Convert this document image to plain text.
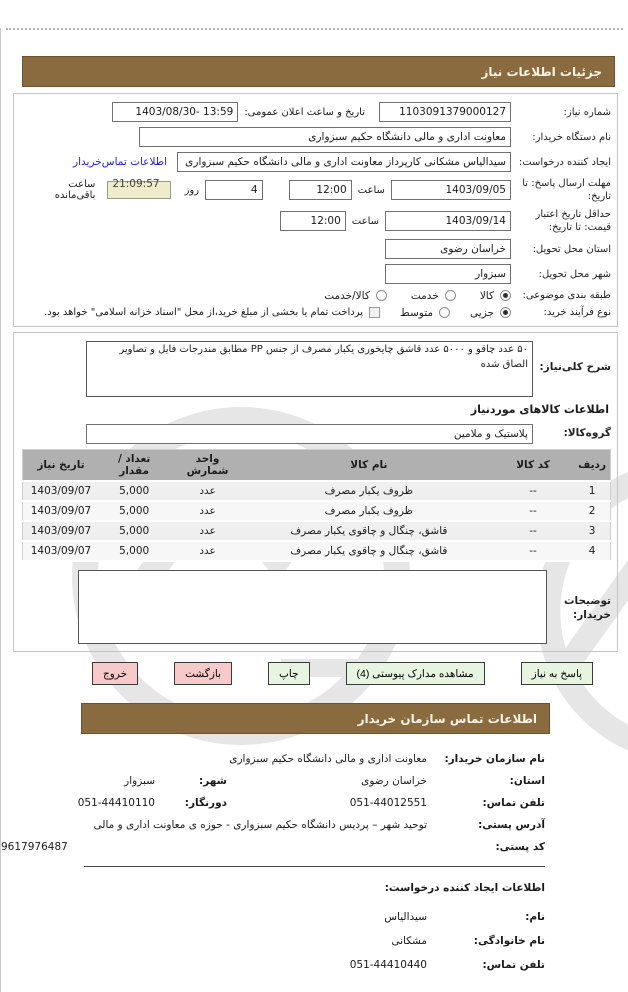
جزئیات اطلاعات نیاز
شماره نیاز:
1103091379000127
تاریخ و ساعت اعلان عمومی:
1403/08/30- 13:59
نام دستگاه خریدار:
معاونت اداری و مالی دانشگاه حکیم سبزواری
ایجاد کننده درخواست:
سیدالیاس مشکانی کارپرداز معاونت اداری و مالی دانشگاه حکیم سبزواری
اطلاعات تماس‌خریدار
مهلت ارسال پاسخ: تا تاریخ:
1403/09/05
ساعت
12:00
4
روز
21:09:57
ساعت باقی‌مانده
حداقل تاریخ اعتبار قیمت: تا تاریخ:
1403/09/14
ساعت
12:00
استان محل تحویل:
خراسان رضوی
شهر محل تحویل:
سبزوار
طبقه بندی موضوعی:
کالا
خدمت
کالا/خدمت
نوع فرآیند خرید:
جزیی
متوسط
پرداخت تمام یا بخشی از مبلغ خرید،از محل "اسناد خزانه اسلامی" خواهد بود.
شرح کلی‌نیاز:
۵۰ عدد چاقو و ۵۰۰۰ عدد قاشق چایخوری یکبار مصرف از جنس PP مطابق مندرجات فایل و تصاویر الصاق شده
اطلاعات کالاهای موردنیاز
گروه‌کالا:
پلاستیک و ملامین
ردیف	کد کالا	نام کالا	واحد شمارش	تعداد / مقدار	تاریخ نیاز
1	--	ظروف یکبار مصرف	عدد	5,000	1403/09/07
2	--	ظروف یکبار مصرف	عدد	5,000	1403/09/07
3	--	قاشق، چنگال و چاقوی یکبار مصرف	عدد	5,000	1403/09/07
4	--	قاشق، چنگال و چاقوی یکبار مصرف	عدد	5,000	1403/09/07
توضیحات خریدار:
پاسخ به نیاز
مشاهده مدارک پیوستی (4)
چاپ
بازگشت
خروج
اطلاعات تماس سازمان خریدار
نام سازمان خریدار:
معاونت اداری و مالی دانشگاه حکیم سبزواری
استان:
خراسان رضوی
شهر:
سبزوار
تلفن تماس:
051-44012551
دورنگار:
051-44410110
آدرس پستی:
توحید شهر – پردیس دانشگاه حکیم سبزواری - حوزه ی معاونت اداری و مالی
کد پستی:
9617976487
اطلاعات ایجاد کننده درخواست:
نام:
سیدالیاس
نام خانوادگی:
مشکانی
تلفن تماس:
051-44410440
